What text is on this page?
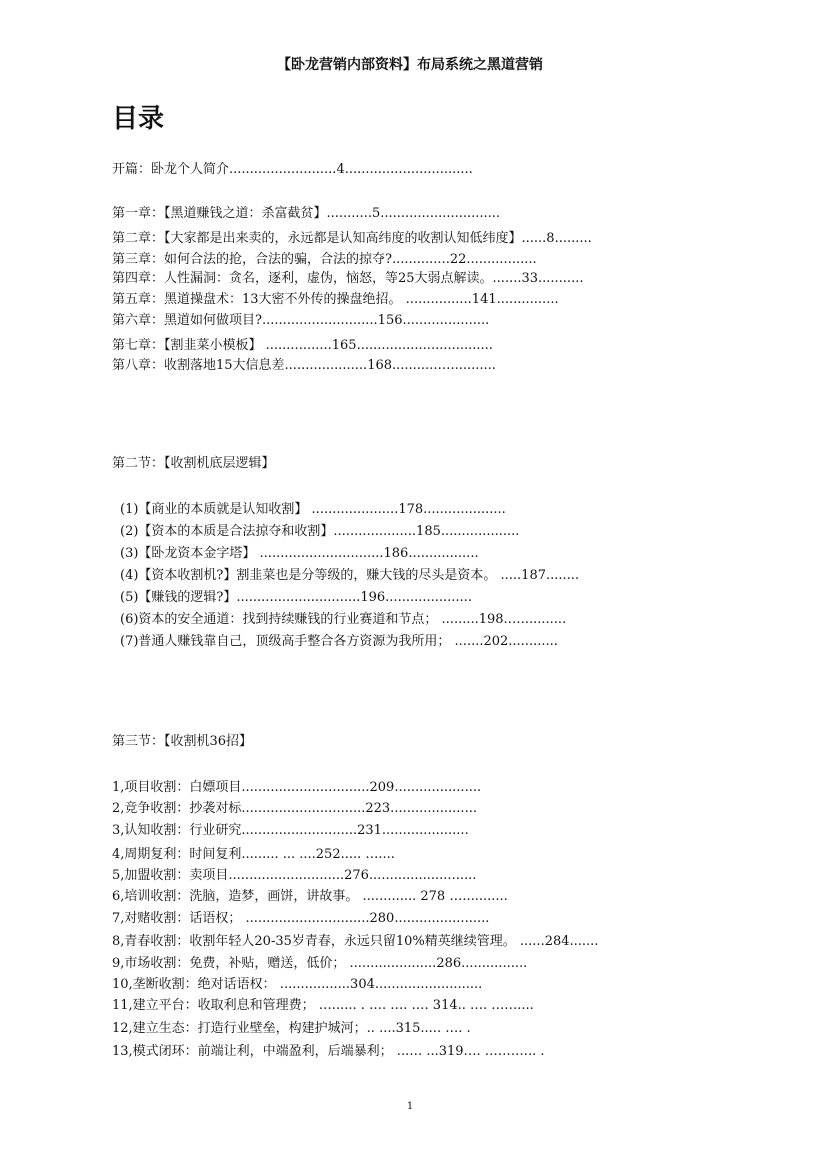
【卧龙营销内部资料】布局系统之黑道营销
目录
开篇：卧龙个人简介..........................4...............................
第一章：【黑道赚钱之道：杀富截贫】...........5.............................
第二章：【大家都是出来卖的，永远都是认知高纬度的收割认知低纬度】......8.........
第三章：如何合法的抢，合法的骗，合法的掠夺?..............22.................
第四章：人性漏洞：贪名，逐利，虚伪，恼怒，等25大弱点解读。.......33...........
第五章：黑道操盘术：13大密不外传的操盘绝招。 ................141...............
第六章：黑道如何做项目?............................156.....................
第七章：【割韭菜小模板】 ................165.................................
第八章：收割落地15大信息差....................168...........…...........
第二节：【收割机底层逻辑】
(1)【商业的本质就是认知收割】 .....................178....................
(2)【资本的本质是合法掠夺和收割】....................185...................
(3)【卧龙资本金字塔】 ..............................186.................
(4)【资本收割机?】割韭菜也是分等级的，赚大钱的尽头是资本。 .....187........
(5)【赚钱的逻辑?】..............................196.....................
(6)资本的安全通道：找到持续赚钱的行业赛道和节点； .........198.…...........
(7)普通人赚钱靠自己，顶级高手整合各方资源为我所用； .......202............
第三节：【收割机36招】
1,项目收割：白嫖项目...............................209.....................
2,竞争收割：抄袭对标..............................223.....................
3,认知收割：行业研究............................231.....................
4,周期复利：时间复利......... ... ....252..... …....
5,加盟收割：卖项目............................276..........................
6,培训收割：洗脑，造梦，画饼，讲故事。 ............. 278 …...........
7,对赌收割：话语权； ..............................280.......................
8,青春收割：收割年轻人20-35岁青春，永远只留10%精英继续管理。 ......284.......
9,市场收割：免费，补贴，赠送，低价； .....................286................
10,垄断收割：绝对话语权： .................304..........................
11,建立平台：收取利息和管理费； …...... . …. …. …. 314.. …. ……....
12,建立生态：打造行业壁垒，构建护城河；.. ....315..... …. .
13,模式闭环：前端让利，中端盈利，后端暴利； ...… ...319…. ………... .
1
